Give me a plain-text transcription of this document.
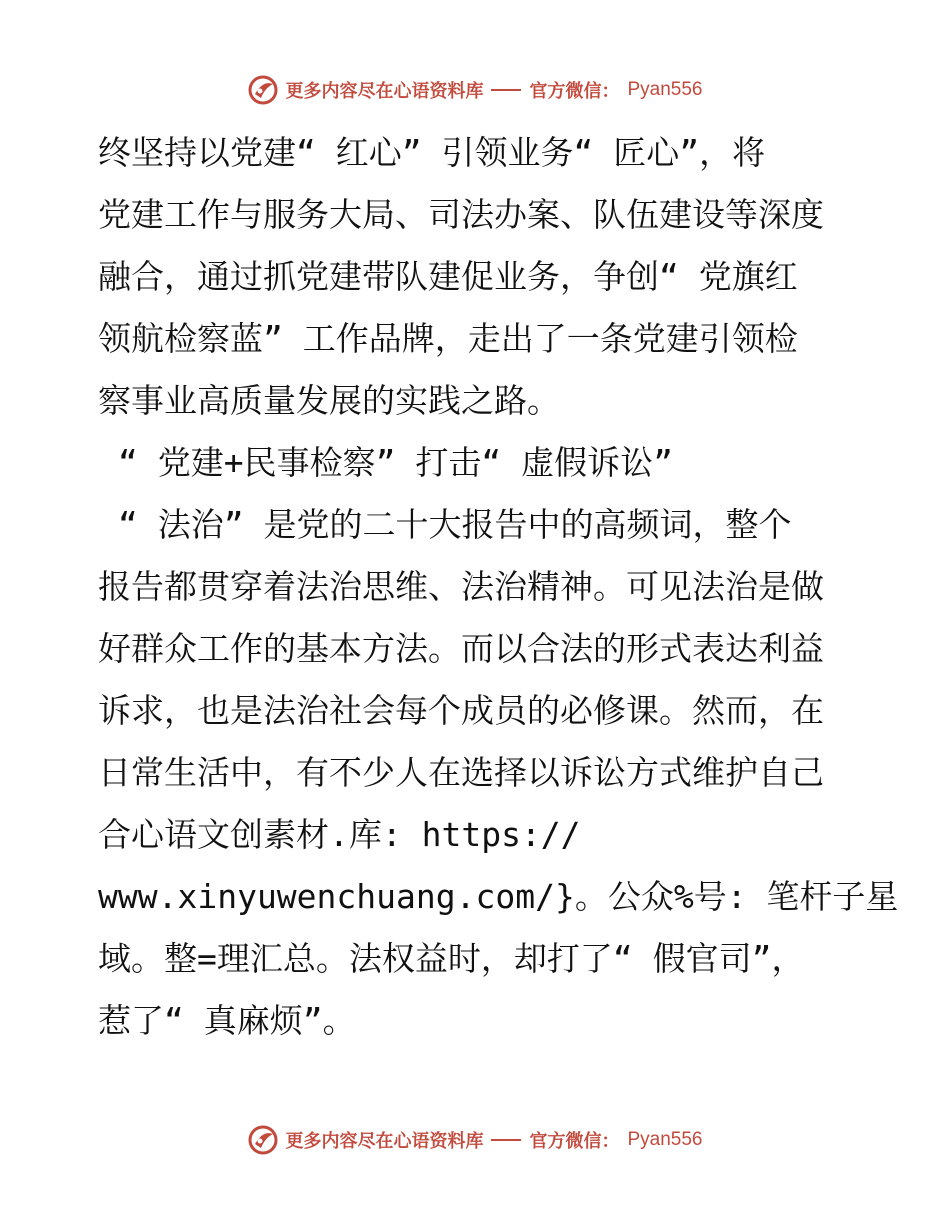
更多内容尽在心语资料库	官方微信： Pyan556
终坚持以党建“ 红心” 引领业务“ 匠心”，将
党建工作与服务大局、司法办案、队伍建设等深度
融合，通过抓党建带队建促业务，争创“ 党旗红
领航检察蓝” 工作品牌，走出了一条党建引领检
察事业高质量发展的实践之路。
“ 党建+民事检察” 打击“ 虚假诉讼”
“ 法治” 是党的二十大报告中的高频词，整个
报告都贯穿着法治思维、法治精神。可见法治是做
好群众工作的基本方法。而以合法的形式表达利益
诉求，也是法治社会每个成员的必修课。然而，在
日常生活中，有不少人在选择以诉讼方式维护自己
合心语文创素材.库: https://
www.xinyuwenchuang.com/}。公众%号: 笔杆子星
域。整=理汇总。法权益时，却打了“ 假官司”，
惹了“ 真麻烦”。
更多内容尽在心语资料库	官方微信： Pyan556
